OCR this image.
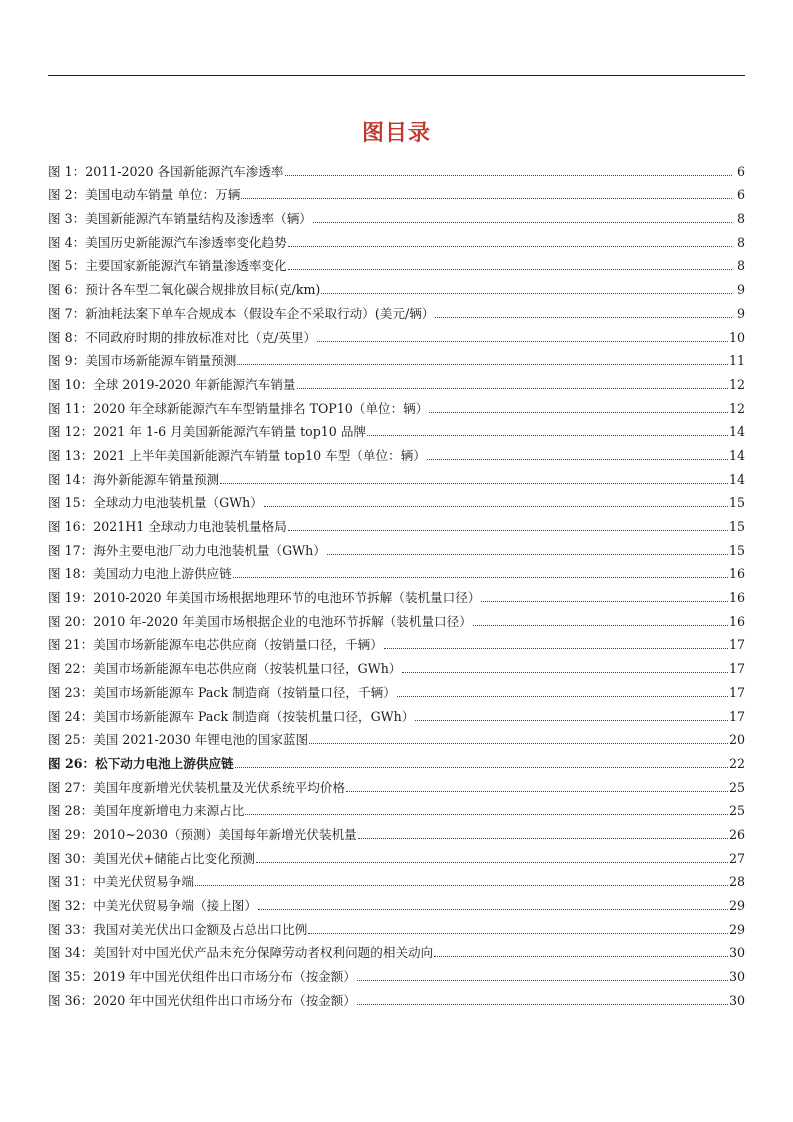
图目录
图 1：2011-2020 各国新能源汽车渗透率	6
图 2：美国电动车销量 单位：万辆	6
图 3：美国新能源汽车销量结构及渗透率（辆）	8
图 4：美国历史新能源汽车渗透率变化趋势	8
图 5：主要国家新能源汽车销量渗透率变化	8
图 6：预计各车型二氧化碳合规排放目标(克/km)	9
图 7：新油耗法案下单车合规成本（假设车企不采取行动）(美元/辆）	9
图 8：不同政府时期的排放标准对比（克/英里）	10
图 9：美国市场新能源车销量预测	11
图 10：全球 2019-2020 年新能源汽车销量	12
图 11：2020 年全球新能源汽车车型销量排名 TOP10（单位：辆）	12
图 12：2021 年 1-6 月美国新能源汽车销量 top10 品牌	14
图 13：2021 上半年美国新能源汽车销量 top10 车型（单位：辆）	14
图 14：海外新能源车销量预测	14
图 15：全球动力电池装机量（GWh）	15
图 16：2021H1 全球动力电池装机量格局	15
图 17：海外主要电池厂动力电池装机量（GWh）	15
图 18：美国动力电池上游供应链	16
图 19：2010-2020 年美国市场根据地理环节的电池环节拆解（装机量口径）	16
图 20：2010 年-2020 年美国市场根据企业的电池环节拆解（装机量口径）	16
图 21：美国市场新能源车电芯供应商（按销量口径，千辆）	17
图 22：美国市场新能源车电芯供应商（按装机量口径，GWh）	17
图 23：美国市场新能源车 Pack 制造商（按销量口径，千辆）	17
图 24：美国市场新能源车 Pack 制造商（按装机量口径，GWh）	17
图 25：美国 2021-2030 年锂电池的国家蓝图	20
图 26：松下动力电池上游供应链	22
图 27：美国年度新增光伏装机量及光伏系统平均价格	25
图 28：美国年度新增电力来源占比	25
图 29：2010~2030（预测）美国每年新增光伏装机量	26
图 30：美国光伏+储能占比变化预测	27
图 31：中美光伏贸易争端	28
图 32：中美光伏贸易争端（接上图）	29
图 33：我国对美光伏出口金额及占总出口比例	29
图 34：美国针对中国光伏产品未充分保障劳动者权利问题的相关动向	30
图 35：2019 年中国光伏组件出口市场分布（按金额）	30
图 36：2020 年中国光伏组件出口市场分布（按金额）	30
